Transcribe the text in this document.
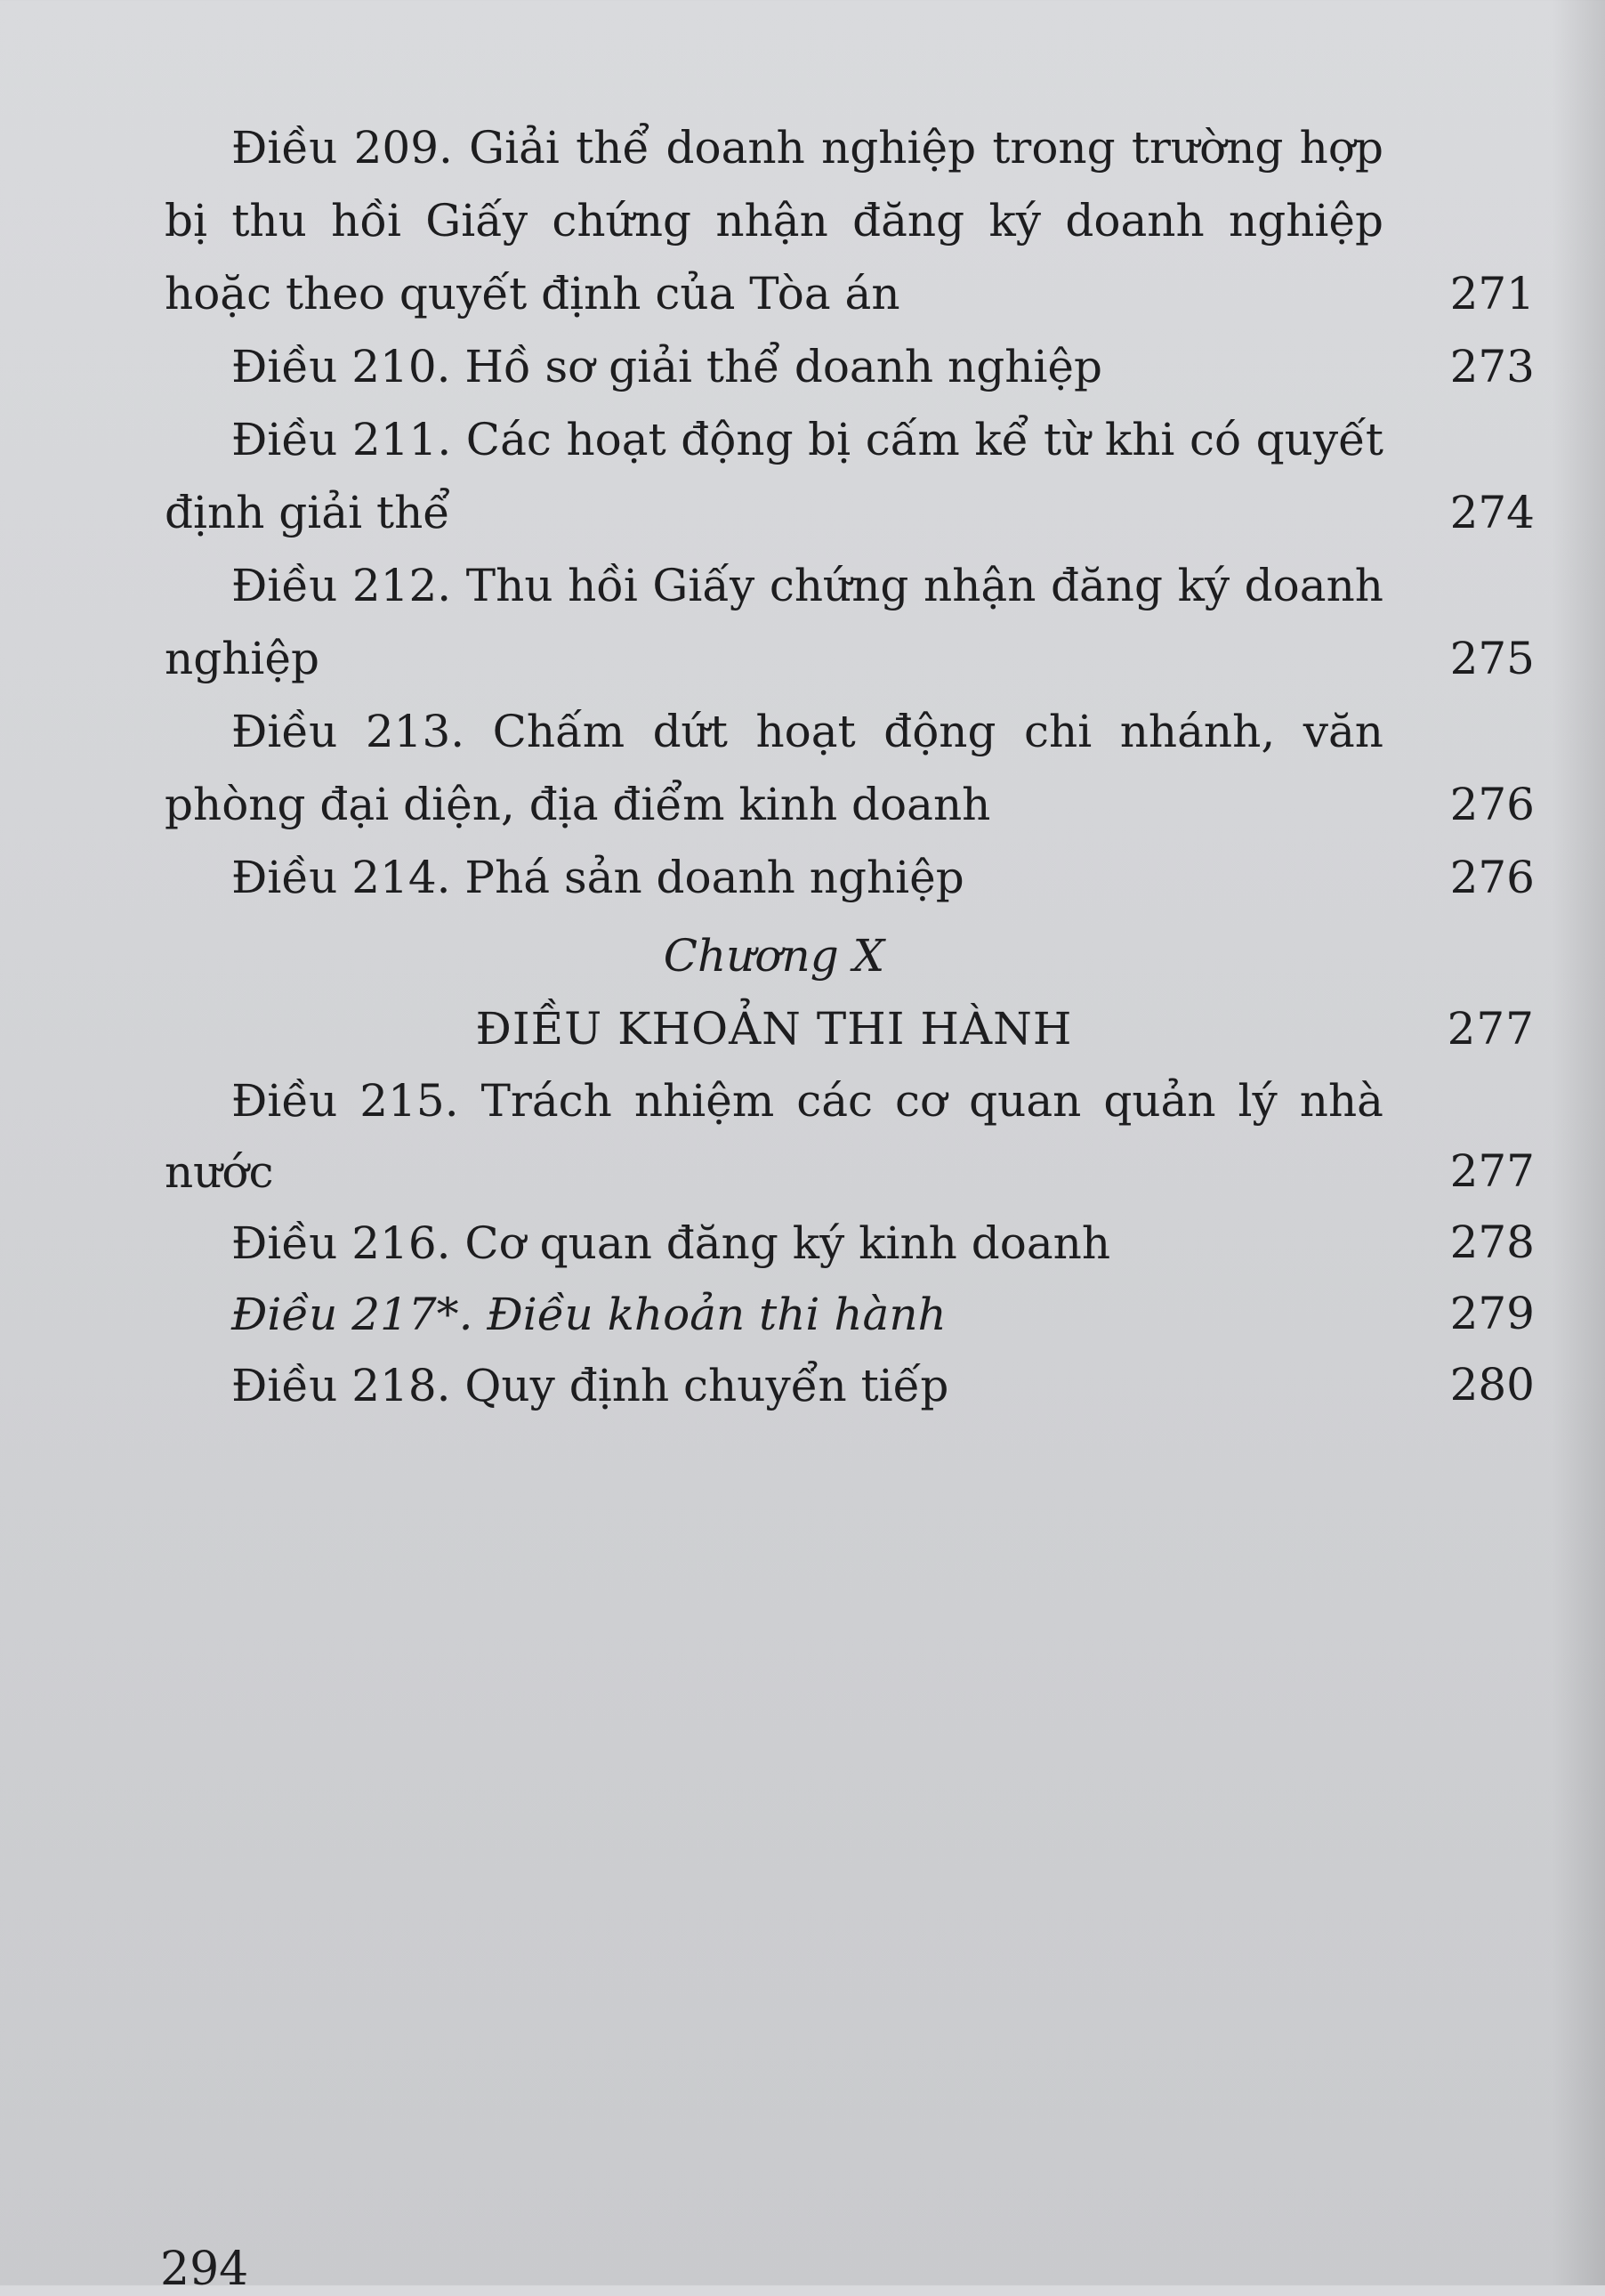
Điều 209. Giải thể doanh nghiệp trong trường hợp bị thu hồi Giấy chứng nhận đăng ký doanh nghiệp hoặc theo quyết định của Tòa án	271
Điều 210. Hồ sơ giải thể doanh nghiệp	273
Điều 211. Các hoạt động bị cấm kể từ khi có quyết định giải thể	274
Điều 212. Thu hồi Giấy chứng nhận đăng ký doanh nghiệp	275
Điều 213. Chấm dứt hoạt động chi nhánh, văn phòng đại diện, địa điểm kinh doanh	276
Điều 214. Phá sản doanh nghiệp	276
Chương X
ĐIỀU KHOẢN THI HÀNH	277
Điều 215. Trách nhiệm các cơ quan quản lý nhà nước	277
Điều 216. Cơ quan đăng ký kinh doanh	278
Điều 217*. Điều khoản thi hành	279
Điều 218. Quy định chuyển tiếp	280
294
